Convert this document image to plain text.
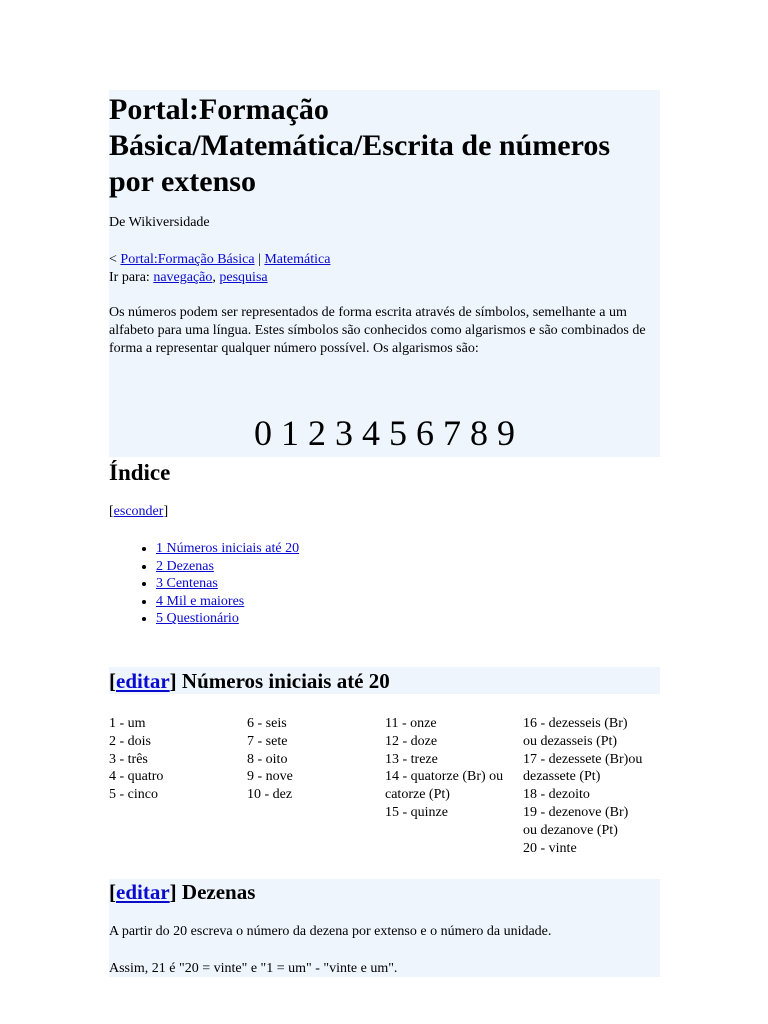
Portal:Formação Básica/Matemática/Escrita de números por extenso
De Wikiversidade
< Portal:Formação Básica | Matemática
Ir para: navegação, pesquisa
Os números podem ser representados de forma escrita através de símbolos, semelhante a um alfabeto para uma língua. Estes símbolos são conhecidos como algarismos e são combinados de forma a representar qualquer número possível. Os algarismos são:
0 1 2 3 4 5 6 7 8 9
Índice
[esconder]
• 1 Números iniciais até 20
• 2 Dezenas
• 3 Centenas
• 4 Mil e maiores
• 5 Questionário
[editar] Números iniciais até 20
1 - um
2 - dois
3 - três
4 - quatro
5 - cinco
6 - seis
7 - sete
8 - oito
9 - nove
10 - dez
11 - onze
12 - doze
13 - treze
14 - quatorze (Br) ou
catorze (Pt)
15 - quinze
16 - dezesseis (Br)
ou dezasseis (Pt)
17 - dezessete (Br)ou
dezassete (Pt)
18 - dezoito
19 - dezenove (Br)
ou dezanove (Pt)
20 - vinte
[editar] Dezenas
A partir do 20 escreva o número da dezena por extenso e o número da unidade.
Assim, 21 é "20 = vinte" e "1 = um" - "vinte e um".
